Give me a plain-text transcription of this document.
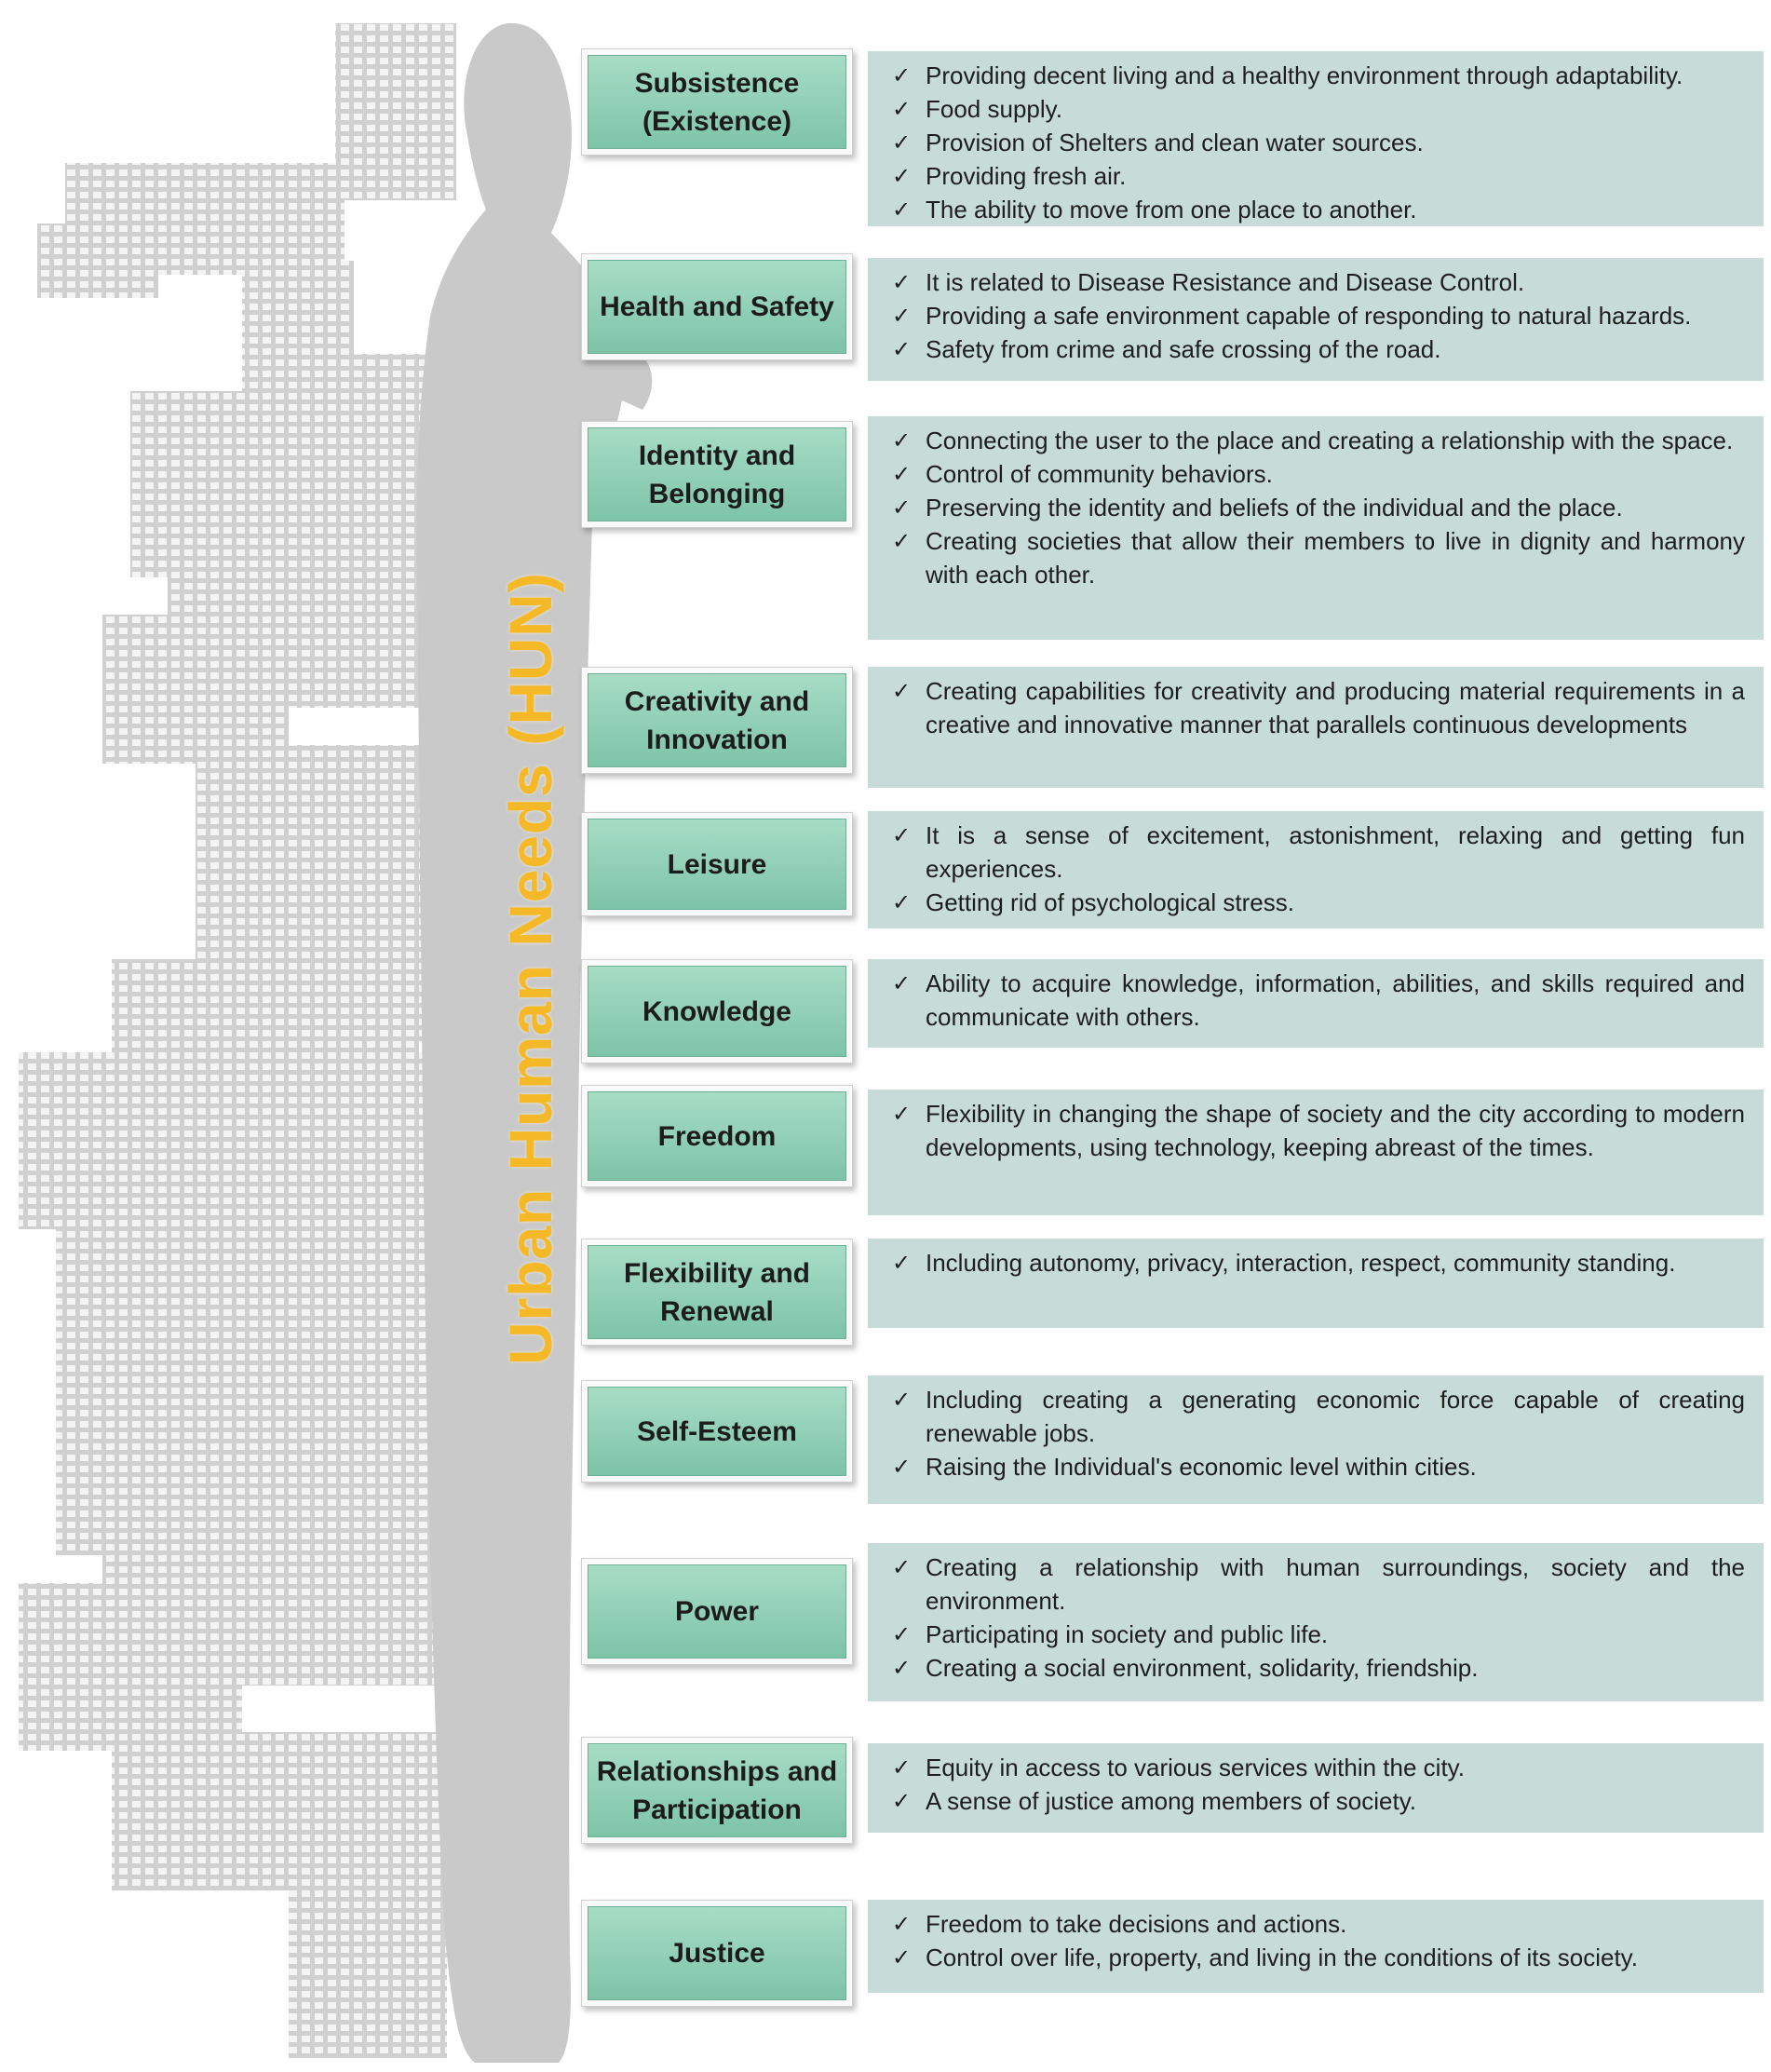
Urban Human Needs (HUN)
Subsistence (Existence)
✓ Providing decent living and a healthy environment through adaptability.
✓ Food supply.
✓ Provision of Shelters and clean water sources.
✓ Providing fresh air.
✓ The ability to move from one place to another.
Health and Safety
✓ It is related to Disease Resistance and Disease Control.
✓ Providing a safe environment capable of responding to natural hazards.
✓ Safety from crime and safe crossing of the road.
Identity and Belonging
✓ Connecting the user to the place and creating a relationship with the space.
✓ Control of community behaviors.
✓ Preserving the identity and beliefs of the individual and the place.
✓ Creating societies that allow their members to live in dignity and harmony with each other.
Creativity and Innovation
✓ Creating capabilities for creativity and producing material requirements in a creative and innovative manner that parallels continuous developments
Leisure
✓ It is a sense of excitement, astonishment, relaxing and getting fun experiences.
✓ Getting rid of psychological stress.
Knowledge
✓ Ability to acquire knowledge, information, abilities, and skills required and communicate with others.
Freedom
✓ Flexibility in changing the shape of society and the city according to modern developments, using technology, keeping abreast of the times.
Flexibility and Renewal
✓ Including autonomy, privacy, interaction, respect, community standing.
Self-Esteem
✓ Including creating a generating economic force capable of creating renewable jobs.
✓ Raising the Individual's economic level within cities.
Power
✓ Creating a relationship with human surroundings, society and the environment.
✓ Participating in society and public life.
✓ Creating a social environment, solidarity, friendship.
Relationships and Participation
✓ Equity in access to various services within the city.
✓ A sense of justice among members of society.
Justice
✓ Freedom to take decisions and actions.
✓ Control over life, property, and living in the conditions of its society.
